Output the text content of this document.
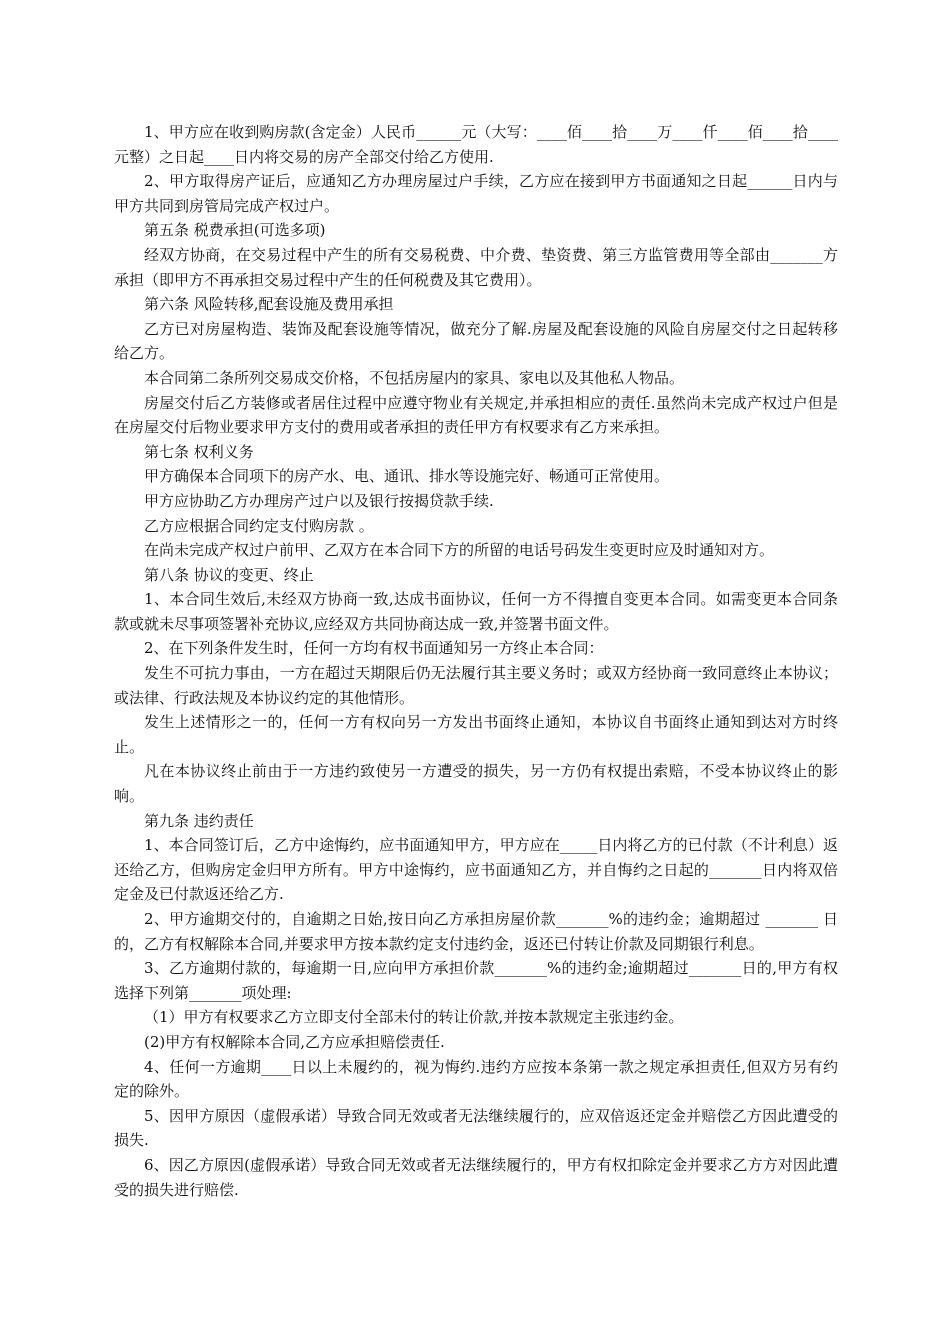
1、甲方应在收到购房款(含定金）人民币______元（大写：____佰____拾____万____仟____佰____拾____元整）之日起____日内将交易的房产全部交付给乙方使用.

2、甲方取得房产证后，应通知乙方办理房屋过户手续，乙方应在接到甲方书面通知之日起______日内与甲方共同到房管局完成产权过户。

第五条 税费承担(可选多项)

经双方协商，在交易过程中产生的所有交易税费、中介费、垫资费、第三方监管费用等全部由_______方承担（即甲方不再承担交易过程中产生的任何税费及其它费用）。

第六条 风险转移,配套设施及费用承担

乙方已对房屋构造、装饰及配套设施等情况，做充分了解.房屋及配套设施的风险自房屋交付之日起转移给乙方。

本合同第二条所列交易成交价格，不包括房屋内的家具、家电以及其他私人物品。

房屋交付后乙方装修或者居住过程中应遵守物业有关规定,并承担相应的责任.虽然尚未完成产权过户但是在房屋交付后物业要求甲方支付的费用或者承担的责任甲方有权要求有乙方来承担。

第七条 权利义务

甲方确保本合同项下的房产水、电、通讯、排水等设施完好、畅通可正常使用。

甲方应协助乙方办理房产过户以及银行按揭贷款手续.

乙方应根据合同约定支付购房款 。

在尚未完成产权过户前甲、乙双方在本合同下方的所留的电话号码发生变更时应及时通知对方。

第八条 协议的变更、终止

1、本合同生效后,未经双方协商一致,达成书面协议，任何一方不得擅自变更本合同。如需变更本合同条款或就未尽事项签署补充协议,应经双方共同协商达成一致,并签署书面文件。

2、在下列条件发生时，任何一方均有权书面通知另一方终止本合同：

发生不可抗力事由，一方在超过天期限后仍无法履行其主要义务时；或双方经协商一致同意终止本协议；或法律、行政法规及本协议约定的其他情形。

发生上述情形之一的，任何一方有权向另一方发出书面终止通知，本协议自书面终止通知到达对方时终止。

凡在本协议终止前由于一方违约致使另一方遭受的损失，另一方仍有权提出索赔，不受本协议终止的影响。

第九条 违约责任

1、本合同签订后，乙方中途悔约，应书面通知甲方，甲方应在_____日内将乙方的已付款（不计利息）返还给乙方，但购房定金归甲方所有。甲方中途悔约，应书面通知乙方，并自悔约之日起的_______日内将双倍定金及已付款返还给乙方.

2、甲方逾期交付的，自逾期之日始,按日向乙方承担房屋价款_______%的违约金；逾期超过 _______ 日的，乙方有权解除本合同,并要求甲方按本款约定支付违约金，返还已付转让价款及同期银行利息。

3、乙方逾期付款的，每逾期一日,应向甲方承担价款_______%的违约金;逾期超过_______日的,甲方有权选择下列第_______项处理:

（1）甲方有权要求乙方立即支付全部未付的转让价款,并按本款规定主张违约金。

(2)甲方有权解除本合同,乙方应承担赔偿责任.

4、任何一方逾期____日以上未履约的，视为悔约.违约方应按本条第一款之规定承担责任,但双方另有约定的除外。

5、因甲方原因（虚假承诺）导致合同无效或者无法继续履行的，应双倍返还定金并赔偿乙方因此遭受的损失.

6、因乙方原因(虚假承诺）导致合同无效或者无法继续履行的，甲方有权扣除定金并要求乙方方对因此遭受的损失进行赔偿.
